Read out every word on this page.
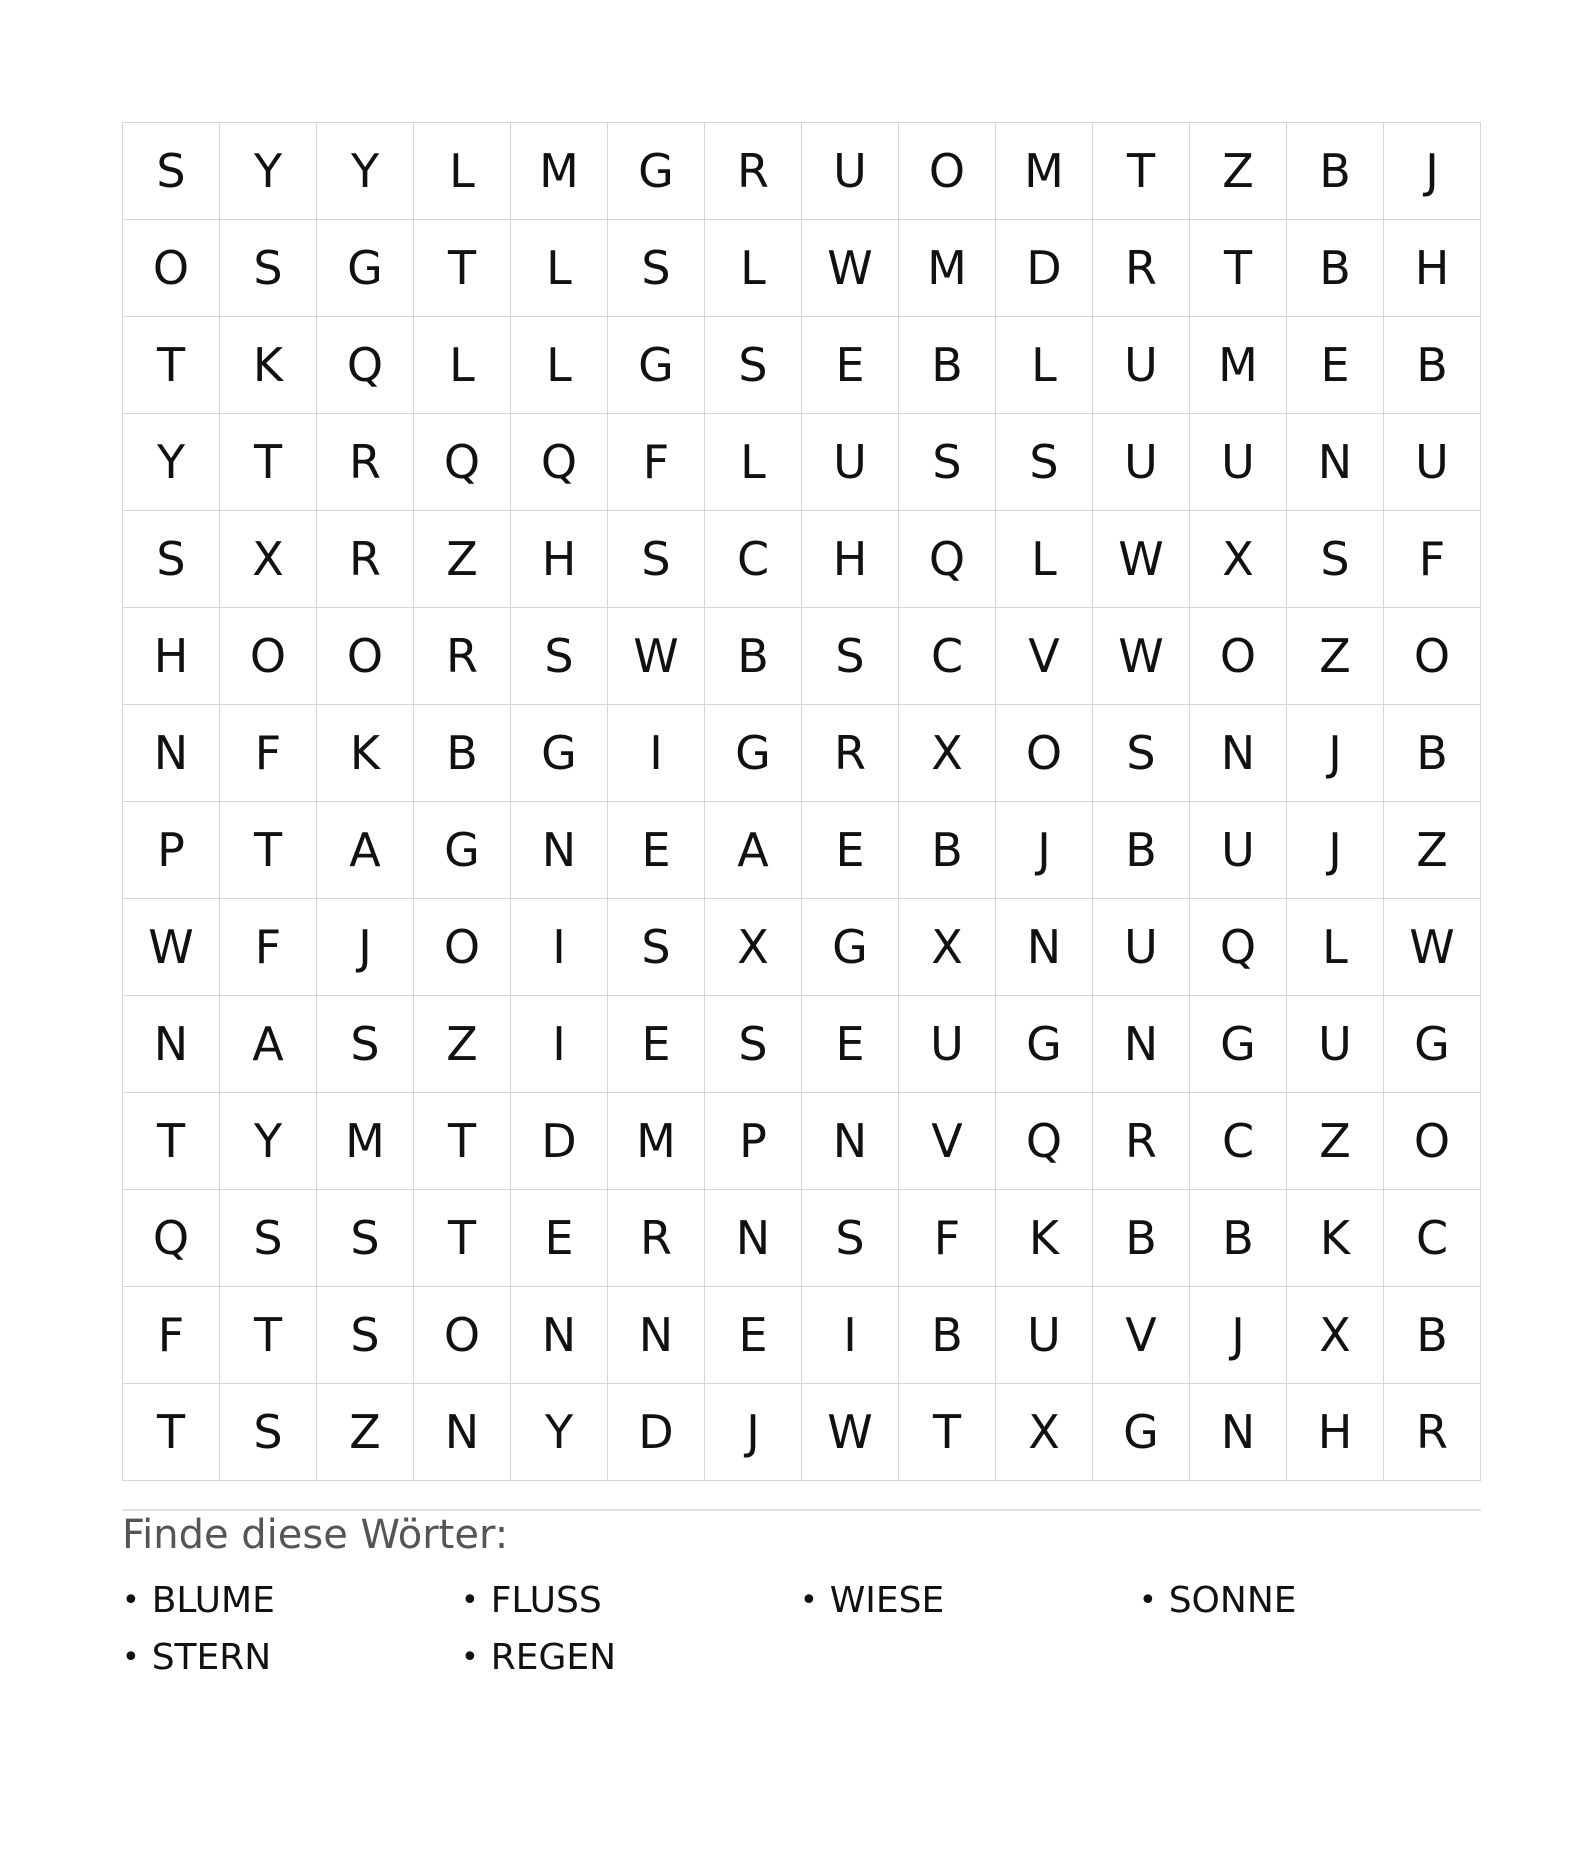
S	Y	Y	L	M	G	R	U	O	M	T	Z	B	J
O	S	G	T	L	S	L	W	M	D	R	T	B	H
T	K	Q	L	L	G	S	E	B	L	U	M	E	B
Y	T	R	Q	Q	F	L	U	S	S	U	U	N	U
S	X	R	Z	H	S	C	H	Q	L	W	X	S	F
H	O	O	R	S	W	B	S	C	V	W	O	Z	O
N	F	K	B	G	I	G	R	X	O	S	N	J	B
P	T	A	G	N	E	A	E	B	J	B	U	J	Z
W	F	J	O	I	S	X	G	X	N	U	Q	L	W
N	A	S	Z	I	E	S	E	U	G	N	G	U	G
T	Y	M	T	D	M	P	N	V	Q	R	C	Z	O
Q	S	S	T	E	R	N	S	F	K	B	B	K	C
F	T	S	O	N	N	E	I	B	U	V	J	X	B
T	S	Z	N	Y	D	J	W	T	X	G	N	H	R
Finde diese Wörter:
• BLUME	• FLUSS	• WIESE	• SONNE
• STERN	• REGEN
